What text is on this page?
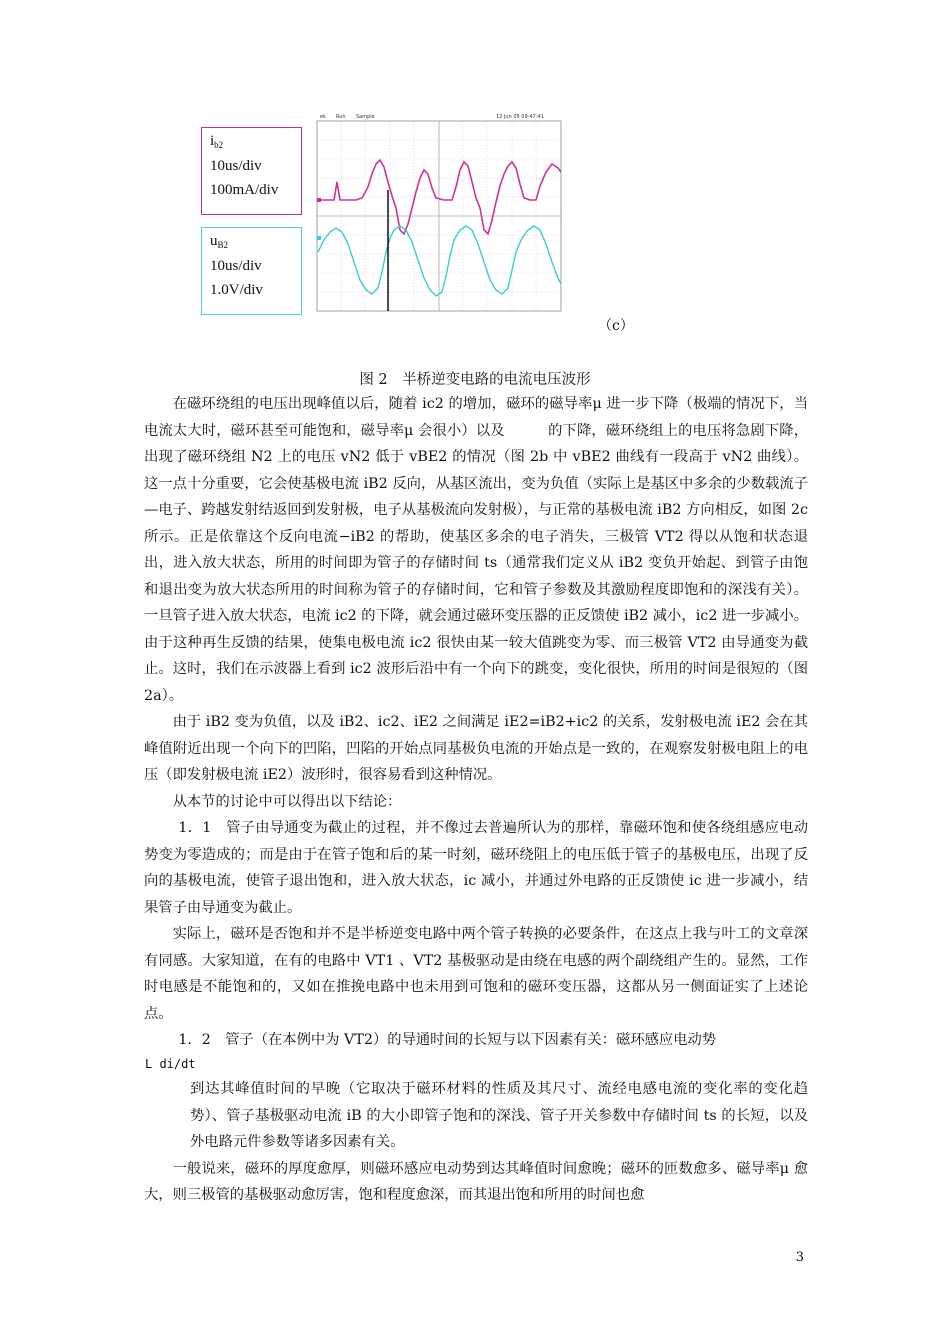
$i_{b2}$
10us/div
100mA/div
$u_{B2}$
10us/div
1.0V/div
ek Run Sample	12 Jun 05 09:47:41
（c）
图 2　半桥逆变电路的电流电压波形

在磁环绕组的电压出现峰值以后，随着 ic2 的增加，磁环的磁导率μ 进一步下降（极端的情况下，当电流太大时，磁环甚至可能饱和，磁导率μ 会很小）以及　　　的下降，磁环绕组上的电压将急剧下降，出现了磁环绕组 N2 上的电压 vN2 低于 vBE2 的情况（图 2b 中 vBE2 曲线有一段高于 vN2 曲线）。这一点十分重要，它会使基极电流 iB2 反向，从基区流出，变为负值（实际上是基区中多余的少数载流子—电子、跨越发射结返回到发射极，电子从基极流向发射极），与正常的基极电流 iB2 方向相反，如图 2c 所示。正是依靠这个反向电流−iB2 的帮助，使基区多余的电子消失，三极管 VT2 得以从饱和状态退出，进入放大状态，所用的时间即为管子的存储时间 ts（通常我们定义从 iB2 变负开始起、到管子由饱和退出变为放大状态所用的时间称为管子的存储时间，它和管子参数及其激励程度即饱和的深浅有关）。一旦管子进入放大状态，电流 ic2 的下降，就会通过磁环变压器的正反馈使 iB2 减小，ic2 进一步减小。由于这种再生反馈的结果，使集电极电流 ic2 很快由某一较大值跳变为零、而三极管 VT2 由导通变为截止。这时，我们在示波器上看到 ic2 波形后沿中有一个向下的跳变，变化很快，所用的时间是很短的（图 2a）。

由于 iB2 变为负值，以及 iB2、ic2、iE2 之间满足 iE2=iB2+ic2 的关系，发射极电流 iE2 会在其峰值附近出现一个向下的凹陷，凹陷的开始点同基极负电流的开始点是一致的，在观察发射极电阻上的电压（即发射极电流 iE2）波形时，很容易看到这种情况。

从本节的讨论中可以得出以下结论：

1．1　管子由导通变为截止的过程，并不像过去普遍所认为的那样，靠磁环饱和使各绕组感应电动势变为零造成的；而是由于在管子饱和后的某一时刻，磁环绕阻上的电压低于管子的基极电压，出现了反向的基极电流，使管子退出饱和，进入放大状态，ic 减小，并通过外电路的正反馈使 ic 进一步减小，结果管子由导通变为截止。

实际上，磁环是否饱和并不是半桥逆变电路中两个管子转换的必要条件，在这点上我与叶工的文章深有同感。大家知道，在有的电路中 VT1 、VT2 基极驱动是由绕在电感的两个副绕组产生的。显然，工作时电感是不能饱和的，又如在推挽电路中也未用到可饱和的磁环变压器，这都从另一侧面证实了上述论点。

1．2　管子（在本例中为 VT2）的导通时间的长短与以下因素有关：磁环感应电动势

L di/dt

到达其峰值时间的早晚（它取决于磁环材料的性质及其尺寸、流经电感电流的变化率的变化趋势）、管子基极驱动电流 iB 的大小即管子饱和的深浅、管子开关参数中存储时间 ts 的长短，以及外电路元件参数等诸多因素有关。

一般说来，磁环的厚度愈厚，则磁环感应电动势到达其峰值时间愈晚；磁环的匝数愈多、磁导率μ 愈大，则三极管的基极驱动愈厉害，饱和程度愈深，而其退出饱和所用的时间也愈

3
